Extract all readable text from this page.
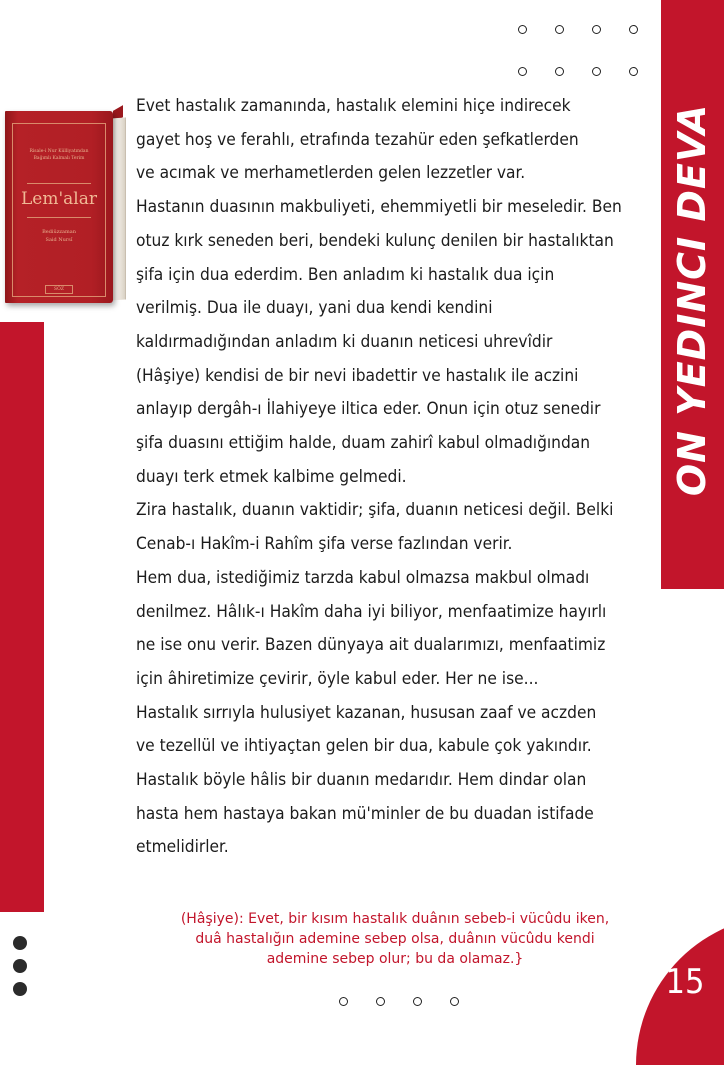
ON YEDINCI DEVA
15
Risale-i Nur Külliyatından
Bağımlı Kalmalı Terim
Lem'alar
Bediüzzaman
Said Nursî
SÖZ
Evet hastalık zamanında, hastalık elemini hiçe indirecek
gayet hoş ve ferahlı, etrafında tezahür eden şefkatlerden
ve acımak ve merhametlerden gelen lezzetler var.
Hastanın duasının makbuliyeti, ehemmiyetli bir meseledir. Ben
otuz kırk seneden beri, bendeki kulunç denilen bir hastalıktan
şifa için dua ederdim. Ben anladım ki hastalık dua için
verilmiş. Dua ile duayı, yani dua kendi kendini
kaldırmadığından anladım ki duanın neticesi uhrevîdir
(Hâşiye) kendisi de bir nevi ibadettir ve hastalık ile aczini
anlayıp dergâh-ı İlahiyeye iltica eder. Onun için otuz senedir
şifa duasını ettiğim halde, duam zahirî kabul olmadığından
duayı terk etmek kalbime gelmedi.
Zira hastalık, duanın vaktidir; şifa, duanın neticesi değil. Belki
Cenab-ı Hakîm-i Rahîm şifa verse fazlından verir.
Hem dua, istediğimiz tarzda kabul olmazsa makbul olmadı
denilmez. Hâlık-ı Hakîm daha iyi biliyor, menfaatimize hayırlı
ne ise onu verir. Bazen dünyaya ait dualarımızı, menfaatimiz
için âhiretimize çevirir, öyle kabul eder. Her ne ise...
Hastalık sırrıyla hulusiyet kazanan, hususan zaaf ve aczden
ve tezellül ve ihtiyaçtan gelen bir dua, kabule çok yakındır.
Hastalık böyle hâlis bir duanın medarıdır. Hem dindar olan
hasta hem hastaya bakan mü'minler de bu duadan istifade
etmelidirler.
(Hâşiye): Evet, bir kısım hastalık duânın sebeb-i vücûdu iken,
duâ hastalığın ademine sebep olsa, duânın vücûdu kendi
ademine sebep olur; bu da olamaz.}
